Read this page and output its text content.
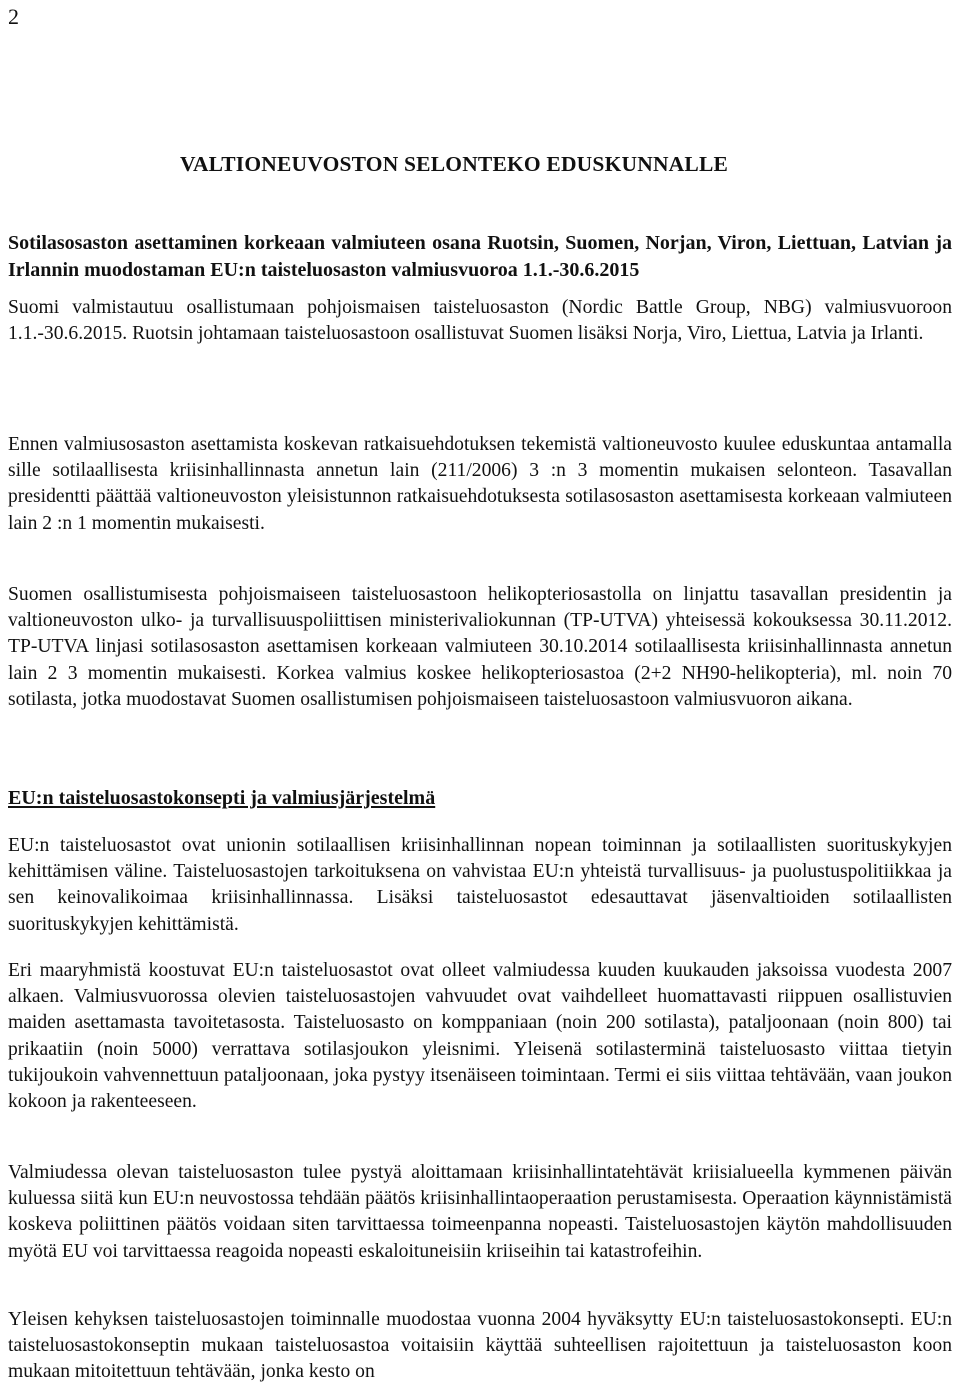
2
VALTIONEUVOSTON SELONTEKO EDUSKUNNALLE

Sotilasosaston asettaminen korkeaan valmiuteen osana Ruotsin, Suomen, Norjan, Viron, Liettuan, Latvian ja Irlannin muodostaman EU:n taisteluosaston valmiusvuoroa 1.1.-30.6.2015

Suomi valmistautuu osallistumaan pohjoismaisen taisteluosaston (Nordic Battle Group, NBG) valmiusvuoroon 1.1.-30.6.2015. Ruotsin johtamaan taisteluosastoon osallistuvat Suomen lisäksi Norja, Viro, Liettua, Latvia ja Irlanti.

Ennen valmiusosaston asettamista koskevan ratkaisuehdotuksen tekemistä valtioneuvosto kuulee eduskuntaa antamalla sille sotilaallisesta kriisinhallinnasta annetun lain (211/2006) 3 :n 3 momentin mukaisen selonteon. Tasavallan presidentti päättää valtioneuvoston yleisistunnon ratkaisuehdotuksesta sotilasosaston asettamisesta korkeaan valmiuteen lain 2 :n 1 momentin mukaisesti.

Suomen osallistumisesta pohjoismaiseen taisteluosastoon helikopteriosastolla on linjattu tasavallan presidentin ja valtioneuvoston ulko- ja turvallisuuspoliittisen ministerivaliokunnan (TP-UTVA) yhteisessä kokouksessa 30.11.2012. TP-UTVA linjasi sotilasosaston asettamisen korkeaan valmiuteen 30.10.2014 sotilaallisesta kriisinhallinnasta annetun lain 2 3 momentin mukaisesti. Korkea valmius koskee helikopteriosastoa (2+2 NH90-helikopteria), ml. noin 70 sotilasta, jotka muodostavat Suomen osallistumisen pohjoismaiseen taisteluosastoon valmiusvuoron aikana.

EU:n taisteluosastokonsepti ja valmiusjärjestelmä

EU:n taisteluosastot ovat unionin sotilaallisen kriisinhallinnan nopean toiminnan ja sotilaallisten suorituskykyjen kehittämisen väline. Taisteluosastojen tarkoituksena on vahvistaa EU:n yhteistä turvallisuus- ja puolustuspolitiikkaa ja sen keinovalikoimaa kriisinhallinnassa. Lisäksi taisteluosastot edesauttavat jäsenvaltioiden sotilaallisten suorituskykyjen kehittämistä.

Eri maaryhmistä koostuvat EU:n taisteluosastot ovat olleet valmiudessa kuuden kuukauden jaksoissa vuodesta 2007 alkaen. Valmiusvuorossa olevien taisteluosastojen vahvuudet ovat vaihdelleet huomattavasti riippuen osallistuvien maiden asettamasta tavoitetasosta. Taisteluosasto on komppaniaan (noin 200 sotilasta), pataljoonaan (noin 800) tai prikaatiin (noin 5000) verrattava sotilasjoukon yleisnimi. Yleisenä sotilasterminä taisteluosasto viittaa tietyin tukijoukoin vahvennettuun pataljoonaan, joka pystyy itsenäiseen toimintaan. Termi ei siis viittaa tehtävään, vaan joukon kokoon ja rakenteeseen.

Valmiudessa olevan taisteluosaston tulee pystyä aloittamaan kriisinhallintatehtävät kriisialueella kymmenen päivän kuluessa siitä kun EU:n neuvostossa tehdään päätös kriisinhallintaoperaation perustamisesta. Operaation käynnistämistä koskeva poliittinen päätös voidaan siten tarvittaessa toimeenpanna nopeasti. Taisteluosastojen käytön mahdollisuuden myötä EU voi tarvittaessa reagoida nopeasti eskaloituneisiin kriiseihin tai katastrofeihin.

Yleisen kehyksen taisteluosastojen toiminnalle muodostaa vuonna 2004 hyväksytty EU:n taisteluosastokonsepti. EU:n taisteluosastokonseptin mukaan taisteluosastoa voitaisiin käyttää suhteellisen rajoitettuun ja taisteluosaston koon mukaan mitoitettuun tehtävään, jonka kesto on
